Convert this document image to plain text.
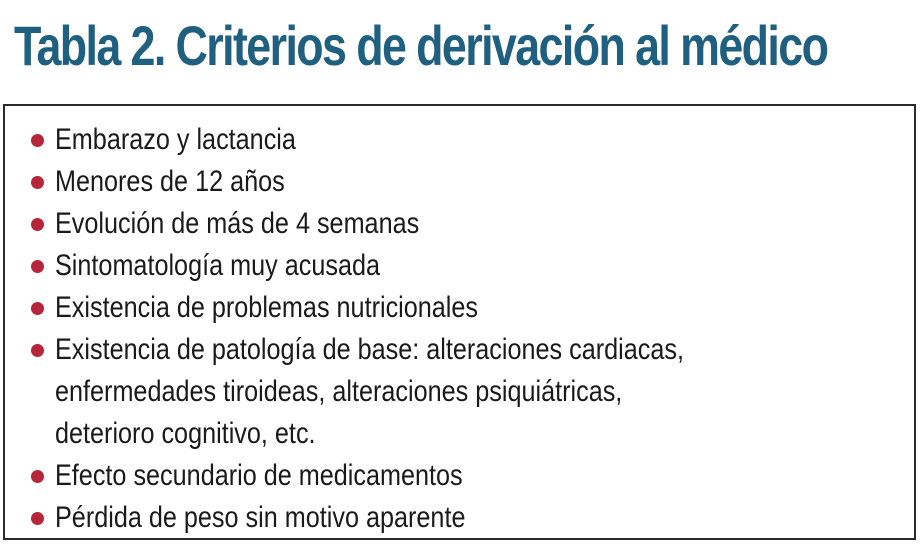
Tabla 2. Criterios de derivación al médico
Embarazo y lactancia
Menores de 12 años
Evolución de más de 4 semanas
Sintomatología muy acusada
Existencia de problemas nutricionales
Existencia de patología de base: alteraciones cardiacas,
enfermedades tiroideas, alteraciones psiquiátricas,
deterioro cognitivo, etc.
Efecto secundario de medicamentos
Pérdida de peso sin motivo aparente
